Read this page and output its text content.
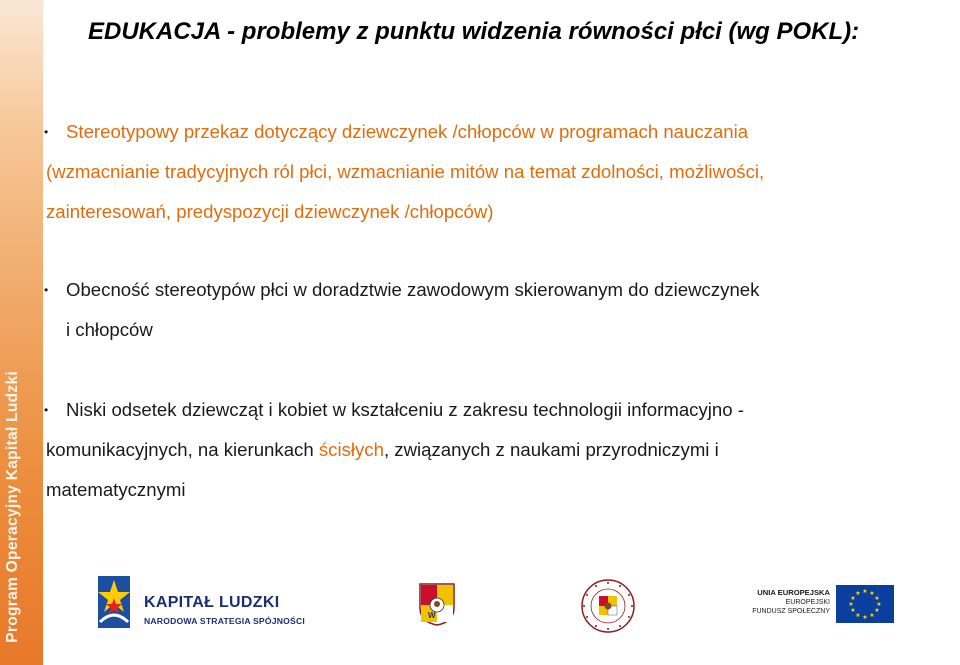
Program Operacyjny Kapitał Ludzki
EDUKACJA - problemy z punktu widzenia równości płci (wg POKL):
• Stereotypowy przekaz dotyczący dziewczynek /chłopców w programach nauczania
(wzmacnianie tradycyjnych ról płci, wzmacnianie mitów na temat zdolności, możliwości,
zainteresowań, predyspozycji dziewczynek /chłopców)
• Obecność stereotypów płci w doradztwie zawodowym skierowanym do dziewczynek
i chłopców
• Niski odsetek dziewcząt i kobiet w kształceniu z zakresu technologii informacyjno -
komunikacyjnych, na kierunkach ścisłych, związanych z naukami przyrodniczymi i
matematycznymi
KAPITAŁ LUDZKI
NARODOWA STRATEGIA SPÓJNOŚCI
W
UNIA EUROPEJSKA
EUROPEJSKI
FUNDUSZ SPOŁECZNY
★ ★
★
★
★
★
★
★
★
★
★
★
